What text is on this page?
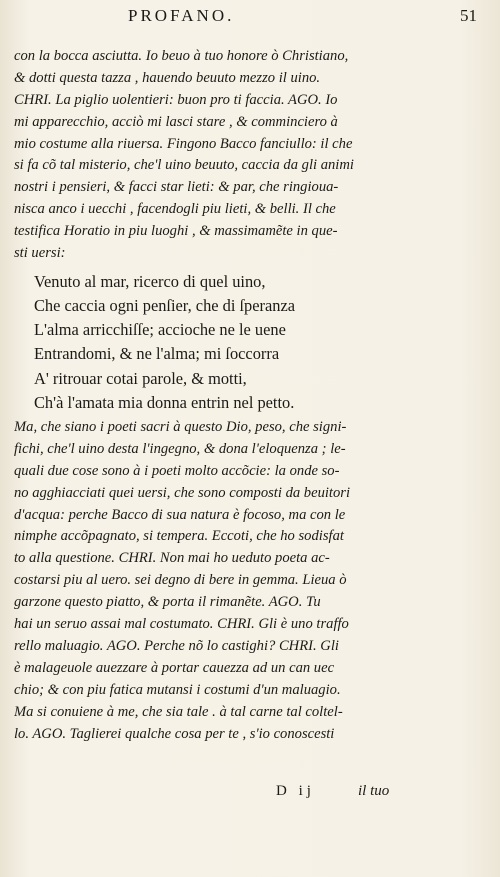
PROFANO.	51
con la bocca asciutta. Io beuo à tuo honore ò Christiano,
& dotti questa tazza , hauendo beuuto mezzo il uino.
CHRI. La piglio uolentieri: buon pro ti faccia. AGO. Io
mi apparecchio, acciò mi lasci stare , & comminciero à
mio costume alla riuersa. Fingono Bacco fanciullo: il che
si fa cõ tal misterio, che'l uino beuuto, caccia da gli animi
nostri i pensieri, & facci star lieti: & par, che ringioua-
nisca anco i uecchi , facendogli piu lieti, & belli. Il che
testifica Horatio in piu luoghi , & massimamẽte in que-
sti uersi:
Venuto al mar, ricerco di quel uino,
Che caccia ogni penſier, che di ſperanza
L'alma arricchiſſe; accioche ne le uene
Entrandomi, & ne l'alma; mi ſoccorra
A' ritrouar cotai parole, & motti,
Ch'à l'amata mia donna entrin nel petto.
Ma, che siano i poeti sacri à questo Dio, peso, che signi-
fichi, che'l uino desta l'ingegno, & dona l'eloquenza ; le-
quali due cose sono à i poeti molto accõcie: la onde so-
no agghiacciati quei uersi, che sono composti da beuitori
d'acqua: perche Bacco di sua natura è focoso, ma con le
nimphe accõpagnato, si tempera. Eccoti, che ho sodisfat
to alla questione. CHRI. Non mai ho ueduto poeta ac-
costarsi piu al uero. sei degno di bere in gemma. Lieua ò
garzone questo piatto, & porta il rimanẽte. AGO. Tu
hai un seruo assai mal costumato. CHRI. Gli è uno traffo
rello maluagio. AGO. Perche nõ lo castighi? CHRI. Gli
è malageuole auezzare à portar cauezza ad un can uec
chio; & con piu fatica mutansi i costumi d'un maluagio.
Ma si conuiene à me, che sia tale . à tal carne tal coltel-
lo. AGO. Taglierei qualche cosa per te , s'io conoscesti
D ij	il tuo
